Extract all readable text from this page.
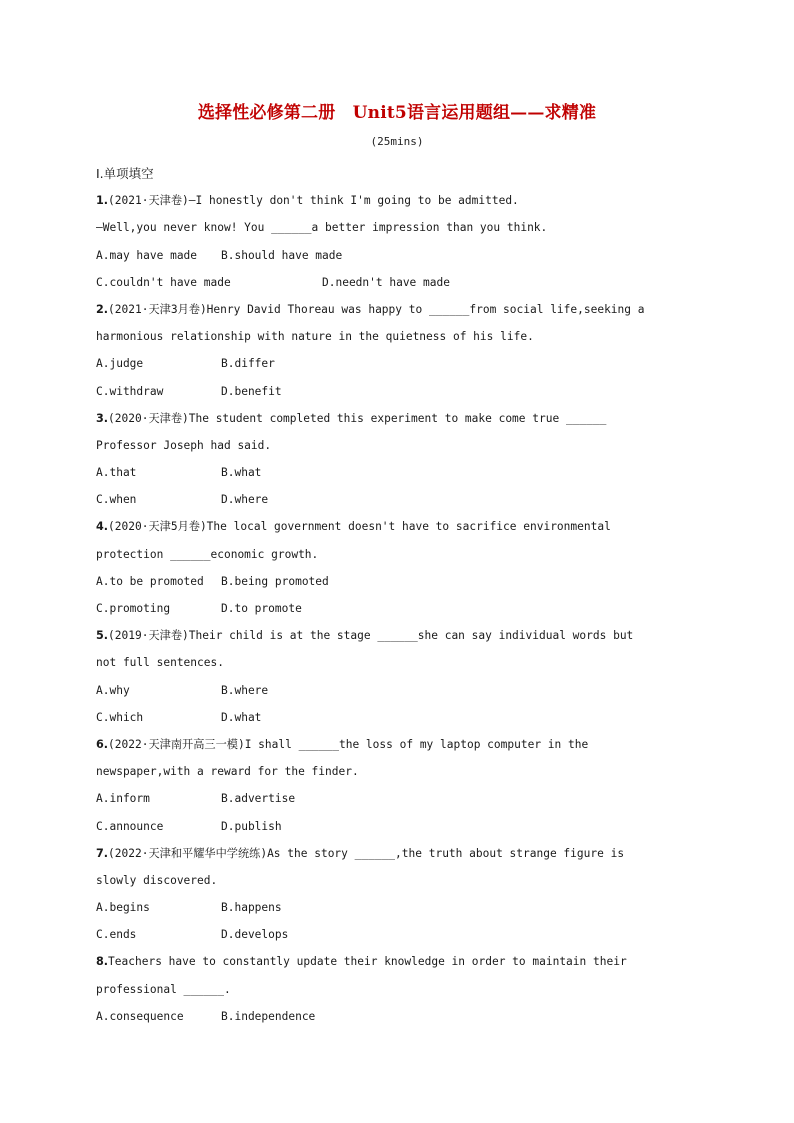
选择性必修第二册　Unit5语言运用题组——求精准
(25mins)
Ⅰ.单项填空
1.(2021·天津卷)—I honestly don't think I'm going to be admitted.
—Well,you never know! You ______a better impression than you think.
A.may have made B.should have made
C.couldn't have made	D.needn't have made
2.(2021·天津3月卷)Henry David Thoreau was happy to ______from social life,seeking a
harmonious relationship with nature in the quietness of his life.
A.judge	B.differ
C.withdraw	D.benefit
3.(2020·天津卷)The student completed this experiment to make come true ______
Professor Joseph had said.
A.that	B.what
C.when	D.where
4.(2020·天津5月卷)The local government doesn't have to sacrifice environmental
protection ______economic growth.
A.to be promoted B.being promoted
C.promoting	D.to promote
5.(2019·天津卷)Their child is at the stage ______she can say individual words but
not full sentences.
A.why	B.where
C.which	D.what
6.(2022·天津南开高三一模)I shall ______the loss of my laptop computer in the
newspaper,with a reward for the finder.
A.inform	B.advertise
C.announce	D.publish
7.(2022·天津和平耀华中学统练)As the story ______,the truth about strange figure is
slowly discovered.
A.begins	B.happens
C.ends	D.develops
8.Teachers have to constantly update their knowledge in order to maintain their
professional ______.
A.consequence	B.independence
